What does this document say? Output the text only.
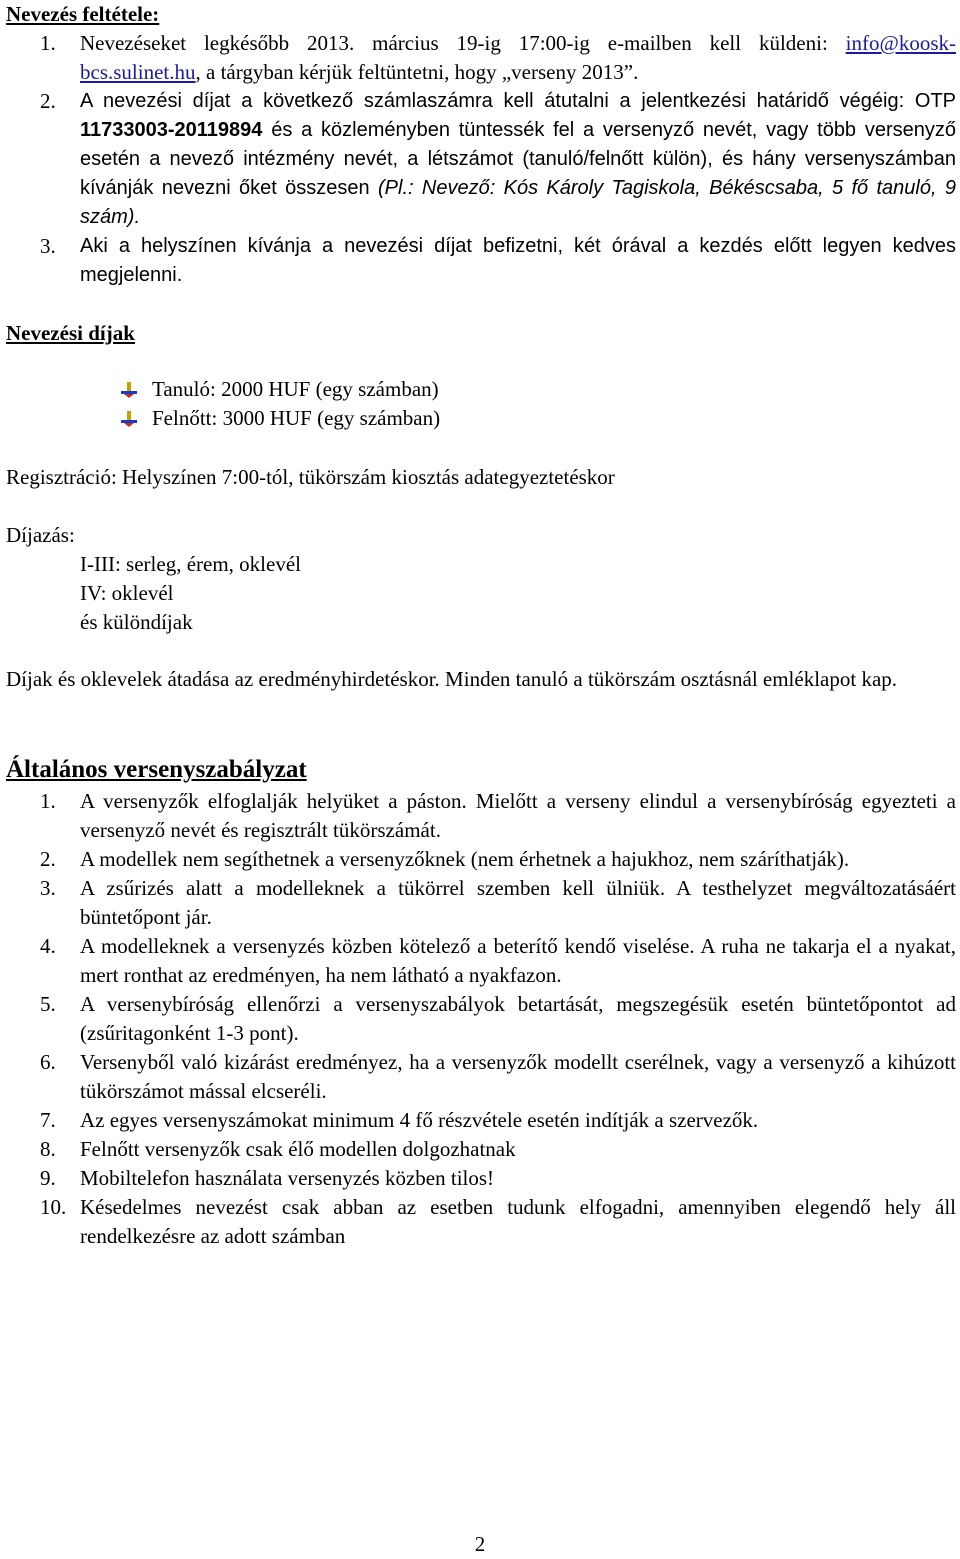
Nevezés feltétele:
1. Nevezéseket legkésőbb 2013. március 19-ig 17:00-ig e-mailben kell küldeni: info@koosk-bcs.sulinet.hu, a tárgyban kérjük feltüntetni, hogy „verseny 2013”.
2. A nevezési díjat a következő számlaszámra kell átutalni a jelentkezési határidő végéig: OTP 11733003-20119894 és a közleményben tüntessék fel a versenyző nevét, vagy több versenyző esetén a nevező intézmény nevét, a létszámot (tanuló/felnőtt külön), és hány versenyszámban kívánják nevezni őket összesen (Pl.: Nevező: Kós Károly Tagiskola, Békéscsaba, 5 fő tanuló, 9 szám).
3. Aki a helyszínen kívánja a nevezési díjat befizetni, két órával a kezdés előtt legyen kedves megjelenni.
Nevezési díjak
Tanuló: 2000 HUF (egy számban)
Felnőtt: 3000 HUF (egy számban)
Regisztráció: Helyszínen 7:00-tól, tükörszám kiosztás adategyeztetéskor
Díjazás:
I-III: serleg, érem, oklevél
IV: oklevél
és különdíjak
Díjak és oklevelek átadása az eredményhirdetéskor. Minden tanuló a tükörszám osztásnál emléklapot kap.
Általános versenyszabályzat
1. A versenyzők elfoglalják helyüket a páston. Mielőtt a verseny elindul a versenybíróság egyezteti a versenyző nevét és regisztrált tükörszámát.
2. A modellek nem segíthetnek a versenyzőknek (nem érhetnek a hajukhoz, nem száríthatják).
3. A zsűrizés alatt a modelleknek a tükörrel szemben kell ülniük. A testhelyzet megváltozatásáért büntetőpont jár.
4. A modelleknek a versenyzés közben kötelező a beterítő kendő viselése. A ruha ne takarja el a nyakat, mert ronthat az eredményen, ha nem látható a nyakfazon.
5. A versenybíróság ellenőrzi a versenyszabályok betartását, megszegésük esetén büntetőpontot ad (zsűritagonként 1-3 pont).
6. Versenyből való kizárást eredményez, ha a versenyzők modellt cserélnek, vagy a versenyző a kihúzott tükörszámot mással elcseréli.
7. Az egyes versenyszámokat minimum 4 fő részvétele esetén indítják a szervezők.
8. Felnőtt versenyzők csak élő modellen dolgozhatnak
9. Mobiltelefon használata versenyzés közben tilos!
10. Késedelmes nevezést csak abban az esetben tudunk elfogadni, amennyiben elegendő hely áll rendelkezésre az adott számban
2
